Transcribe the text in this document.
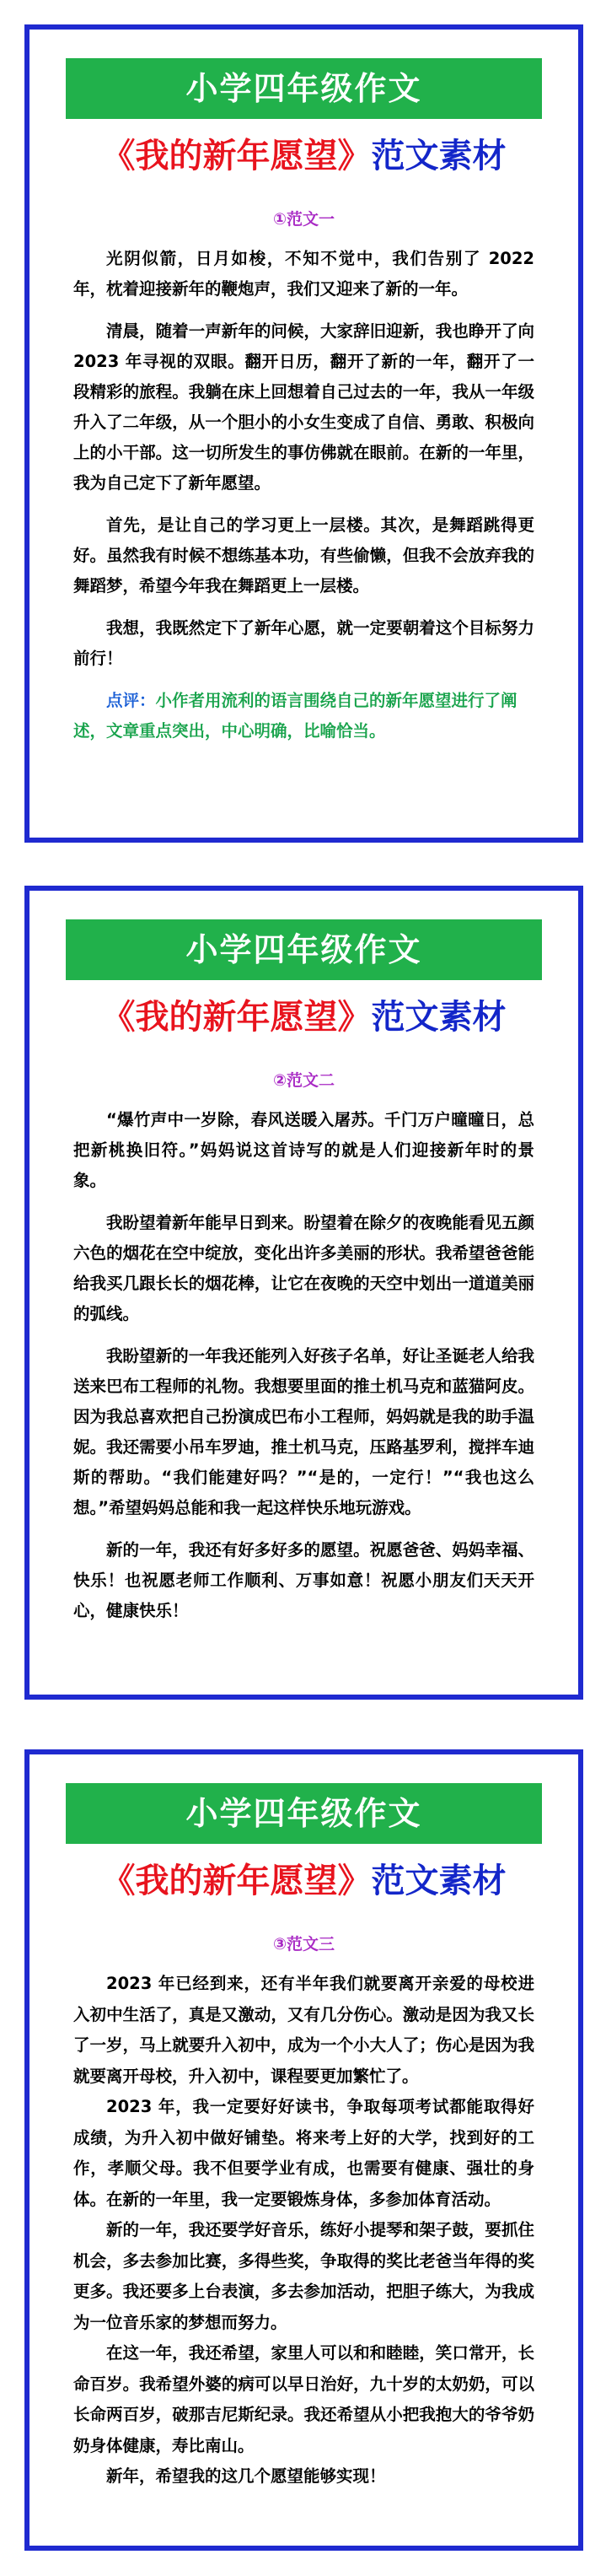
小学四年级作文
《我的新年愿望》范文素材
①范文一

光阴似箭，日月如梭，不知不觉中，我们告别了 2022 年，枕着迎接新年的鞭炮声，我们又迎来了新的一年。

清晨，随着一声新年的问候，大家辞旧迎新，我也睁开了向 2023 年寻视的双眼。翻开日历，翻开了新的一年，翻开了一段精彩的旅程。我躺在床上回想着自己过去的一年，我从一年级升入了二年级，从一个胆小的小女生变成了自信、勇敢、积极向上的小干部。这一切所发生的事仿佛就在眼前。在新的一年里，我为自己定下了新年愿望。

首先，是让自己的学习更上一层楼。其次，是舞蹈跳得更好。虽然我有时候不想练基本功，有些偷懒，但我不会放弃我的舞蹈梦，希望今年我在舞蹈更上一层楼。

我想，我既然定下了新年心愿，就一定要朝着这个目标努力前行！

点评：小作者用流利的语言围绕自己的新年愿望进行了阐述，文章重点突出，中心明确，比喻恰当。

小学四年级作文
《我的新年愿望》范文素材
②范文二

“爆竹声中一岁除，春风送暖入屠苏。千门万户曈曈日，总把新桃换旧符。”妈妈说这首诗写的就是人们迎接新年时的景象。

我盼望着新年能早日到来。盼望着在除夕的夜晚能看见五颜六色的烟花在空中绽放，变化出许多美丽的形状。我希望爸爸能给我买几跟长长的烟花棒，让它在夜晚的天空中划出一道道美丽的弧线。

我盼望新的一年我还能列入好孩子名单，好让圣诞老人给我送来巴布工程师的礼物。我想要里面的推土机马克和蓝猫阿皮。因为我总喜欢把自己扮演成巴布小工程师，妈妈就是我的助手温妮。我还需要小吊车罗迪，推土机马克，压路基罗利，搅拌车迪斯的帮助。“我们能建好吗？”“是的，一定行！”“我也这么想。”希望妈妈总能和我一起这样快乐地玩游戏。

新的一年，我还有好多好多的愿望。祝愿爸爸、妈妈幸福、快乐！也祝愿老师工作顺利、万事如意！祝愿小朋友们天天开心，健康快乐！

小学四年级作文
《我的新年愿望》范文素材
③范文三

2023 年已经到来，还有半年我们就要离开亲爱的母校进入初中生活了，真是又激动，又有几分伤心。激动是因为我又长了一岁，马上就要升入初中，成为一个小大人了；伤心是因为我就要离开母校，升入初中，课程要更加繁忙了。

2023 年，我一定要好好读书，争取每项考试都能取得好成绩，为升入初中做好铺垫。将来考上好的大学，找到好的工作，孝顺父母。我不但要学业有成，也需要有健康、强壮的身体。在新的一年里，我一定要锻炼身体，多参加体育活动。

新的一年，我还要学好音乐，练好小提琴和架子鼓，要抓住机会，多去参加比赛，多得些奖，争取得的奖比老爸当年得的奖更多。我还要多上台表演，多去参加活动，把胆子练大，为我成为一位音乐家的梦想而努力。

在这一年，我还希望，家里人可以和和睦睦，笑口常开，长命百岁。我希望外婆的病可以早日治好，九十岁的太奶奶，可以长命两百岁，破那吉尼斯纪录。我还希望从小把我抱大的爷爷奶奶身体健康，寿比南山。

新年，希望我的这几个愿望能够实现！
